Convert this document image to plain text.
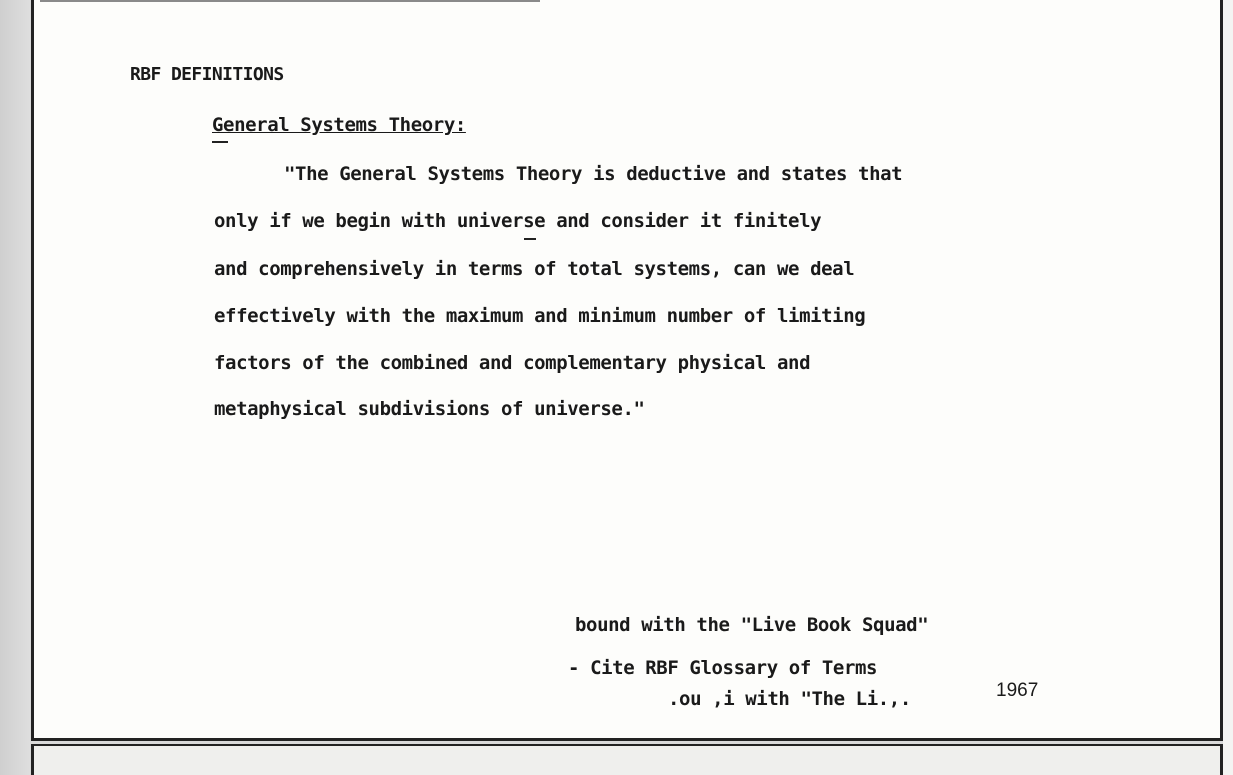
RBF DEFINITIONS

General Systems Theory:

"The General Systems Theory is deductive and states that

only if we begin with universe and consider it finitely

and comprehensively in terms of total systems, can we deal

effectively with the maximum and minimum number of limiting

factors of the combined and complementary physical and

metaphysical subdivisions of universe."

bound with the "Live Book Squad"

- Cite RBF Glossary of Terms

.ou ,i with "The Li.,.	1967
